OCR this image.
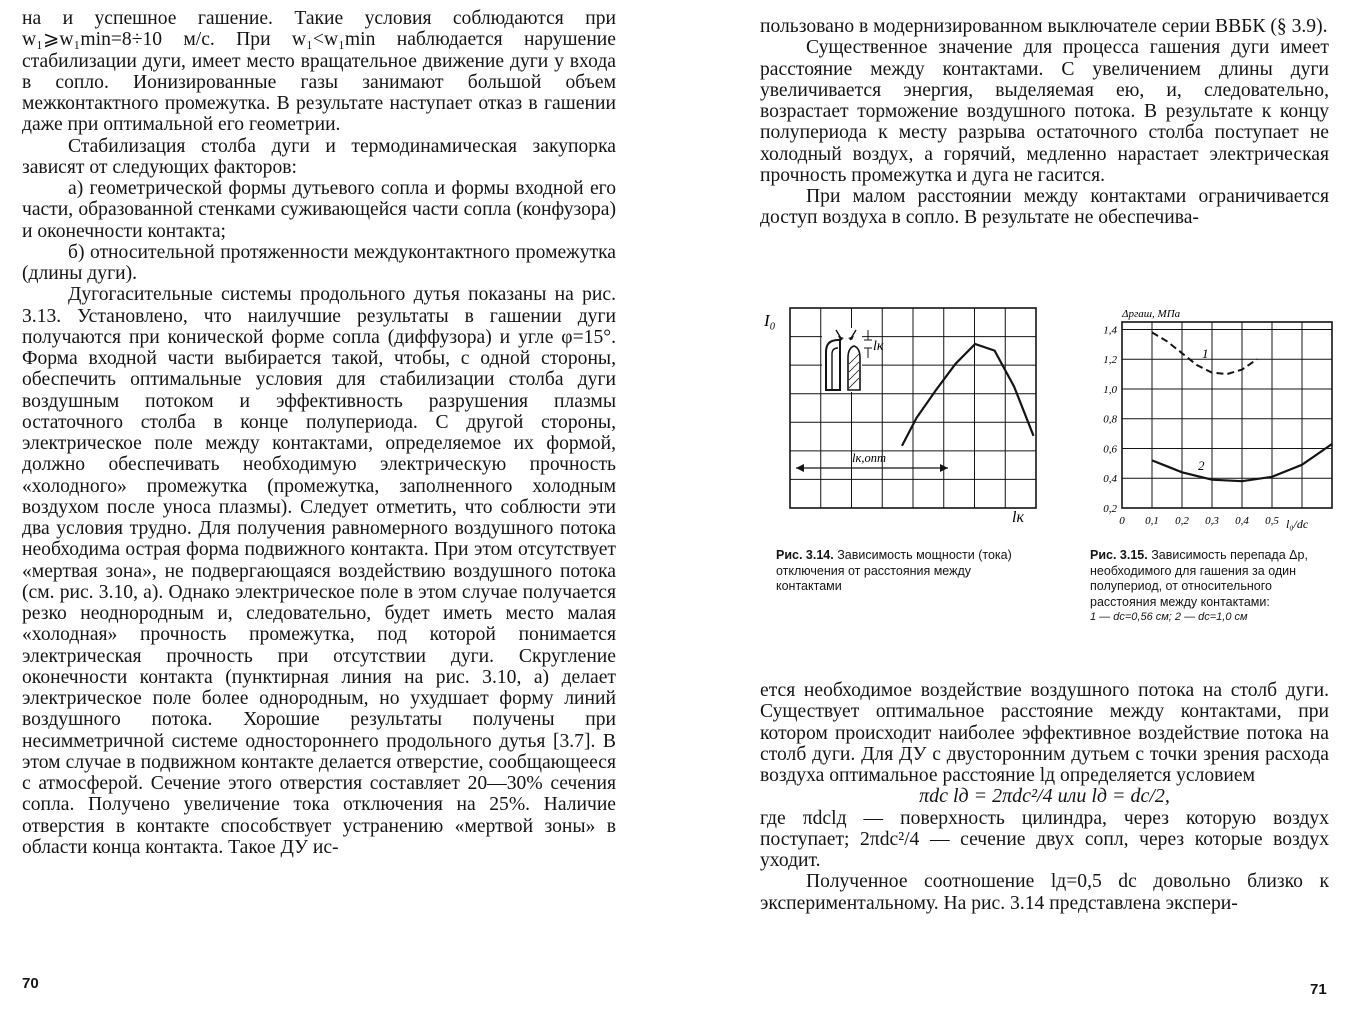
на и успешное гашение. Такие условия соблюдаются при w₁⩾w₁min=8÷10 м/с. При w₁<w₁min наблюдается нарушение стабилизации дуги, имеет место вращательное движение дуги у входа в сопло. Ионизированные газы занимают большой объем межконтактного промежутка. В результате наступает отказ в гашении даже при оптимальной его геометрии.

Стабилизация столба дуги и термодинамическая закупорка зависят от следующих факторов:

а) геометрической формы дутьевого сопла и формы входной его части, образованной стенками суживающейся части сопла (конфузора) и оконечности контакта;

б) относительной протяженности междуконтактного промежутка (длины дуги).

Дугогасительные системы продольного дутья показаны на рис. 3.13. Установлено, что наилучшие результаты в гашении дуги получаются при конической форме сопла (диффузора) и угле φ=15°. Форма входной части выбирается такой, чтобы, с одной стороны, обеспечить оптимальные условия для стабилизации столба дуги воздушным потоком и эффективность разрушения плазмы остаточного столба в конце полупериода. С другой стороны, электрическое поле между контактами, определяемое их формой, должно обеспечивать необходимую электрическую прочность «холодного» промежутка (промежутка, заполненного холодным воздухом после уноса плазмы). Следует отметить, что соблюсти эти два условия трудно. Для получения равномерного воздушного потока необходима острая форма подвижного контакта. При этом отсутствует «мертвая зона», не подвергающаяся воздействию воздушного потока (см. рис. 3.10, а). Однако электрическое поле в этом случае получается резко неоднородным и, следовательно, будет иметь место малая «холодная» прочность промежутка, под которой понимается электрическая прочность при отсутствии дуги. Скругление оконечности контакта (пунктирная линия на рис. 3.10, а) делает электрическое поле более однородным, но ухудшает форму линий воздушного потока. Хорошие результаты получены при несимметричной системе одностороннего продольного дутья [3.7]. В этом случае в подвижном контакте делается отверстие, сообщающееся с атмосферой. Сечение этого отверстия составляет 20—30% сечения сопла. Получено увеличение тока отключения на 25%. Наличие отверстия в контакте способствует устранению «мертвой зоны» в области конца контакта. Такое ДУ ис-

70

пользовано в модернизированном выключателе серии ВВБК (§ 3.9).

Существенное значение для процесса гашения дуги имеет расстояние между контактами. С увеличением длины дуги увеличивается энергия, выделяемая ею, и, следовательно, возрастает торможение воздушного потока. В результате к концу полупериода к месту разрыва остаточного столба поступает не холодный воздух, а горячий, медленно нарастает электрическая прочность промежутка и дуга не гасится.

При малом расстоянии между контактами ограничивается доступ воздуха в сопло. В результате не обеспечива-

lк
lк,опт
I₀
lк

Рис. 3.14. Зависимость мощности (тока) отключения от расстояния между контактами

0,2
0,4
0,6
0,8
1,0
1,2
1,4
0 0,1 0,2 0,3 0,4 0,5
1
2
Δpгаш, МПа
l₀/dс

Рис. 3.15. Зависимость перепада Δp, необходимого для гашения за один полупериод, от относительного расстояния между контактами:
1 — dс=0,56 см; 2 — dс=1,0 см

ется необходимое воздействие воздушного потока на столб дуги. Существует оптимальное расстояние между контактами, при котором происходит наиболее эффективное воздействие потока на столб дуги. Для ДУ с двусторонним дутьем с точки зрения расхода воздуха оптимальное расстояние lд определяется условием

πdс lд = 2πdс²/4 или lд = dс/2,

где πdсlд — поверхность цилиндра, через которую воздух поступает; 2πdс²/4 — сечение двух сопл, через которые воздух уходит.

Полученное соотношение lд=0,5 dс довольно близко к экспериментальному. На рис. 3.14 представлена экспери-

71
